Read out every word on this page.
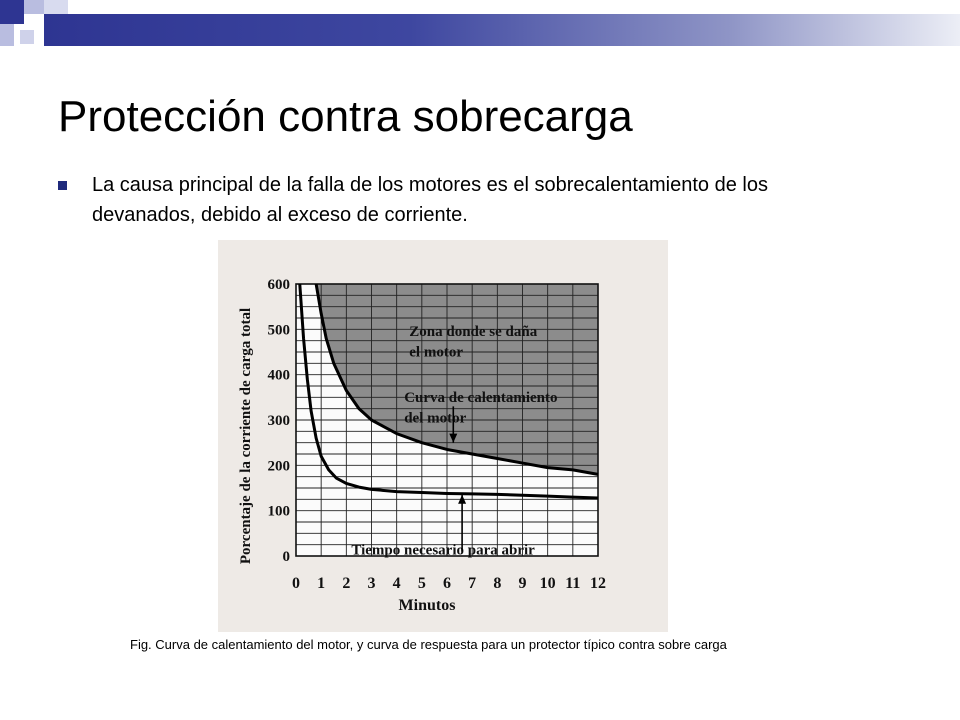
Protección contra sobrecarga
La causa principal de la falla de los motores es el sobrecalentamiento de los devanados, debido al exceso de corriente.
0
100
200
300
400
500
600
0 1 2 3 4 5 6 7 8 9 10 11 12
Minutos
Porcentaje de la corriente de carga total	Zona donde se daña
el motor
Curva de calentamiento
del motor
Tiempo necesario para abrir
Fig. Curva de calentamiento del motor, y curva de respuesta para un protector típico contra sobre carga
